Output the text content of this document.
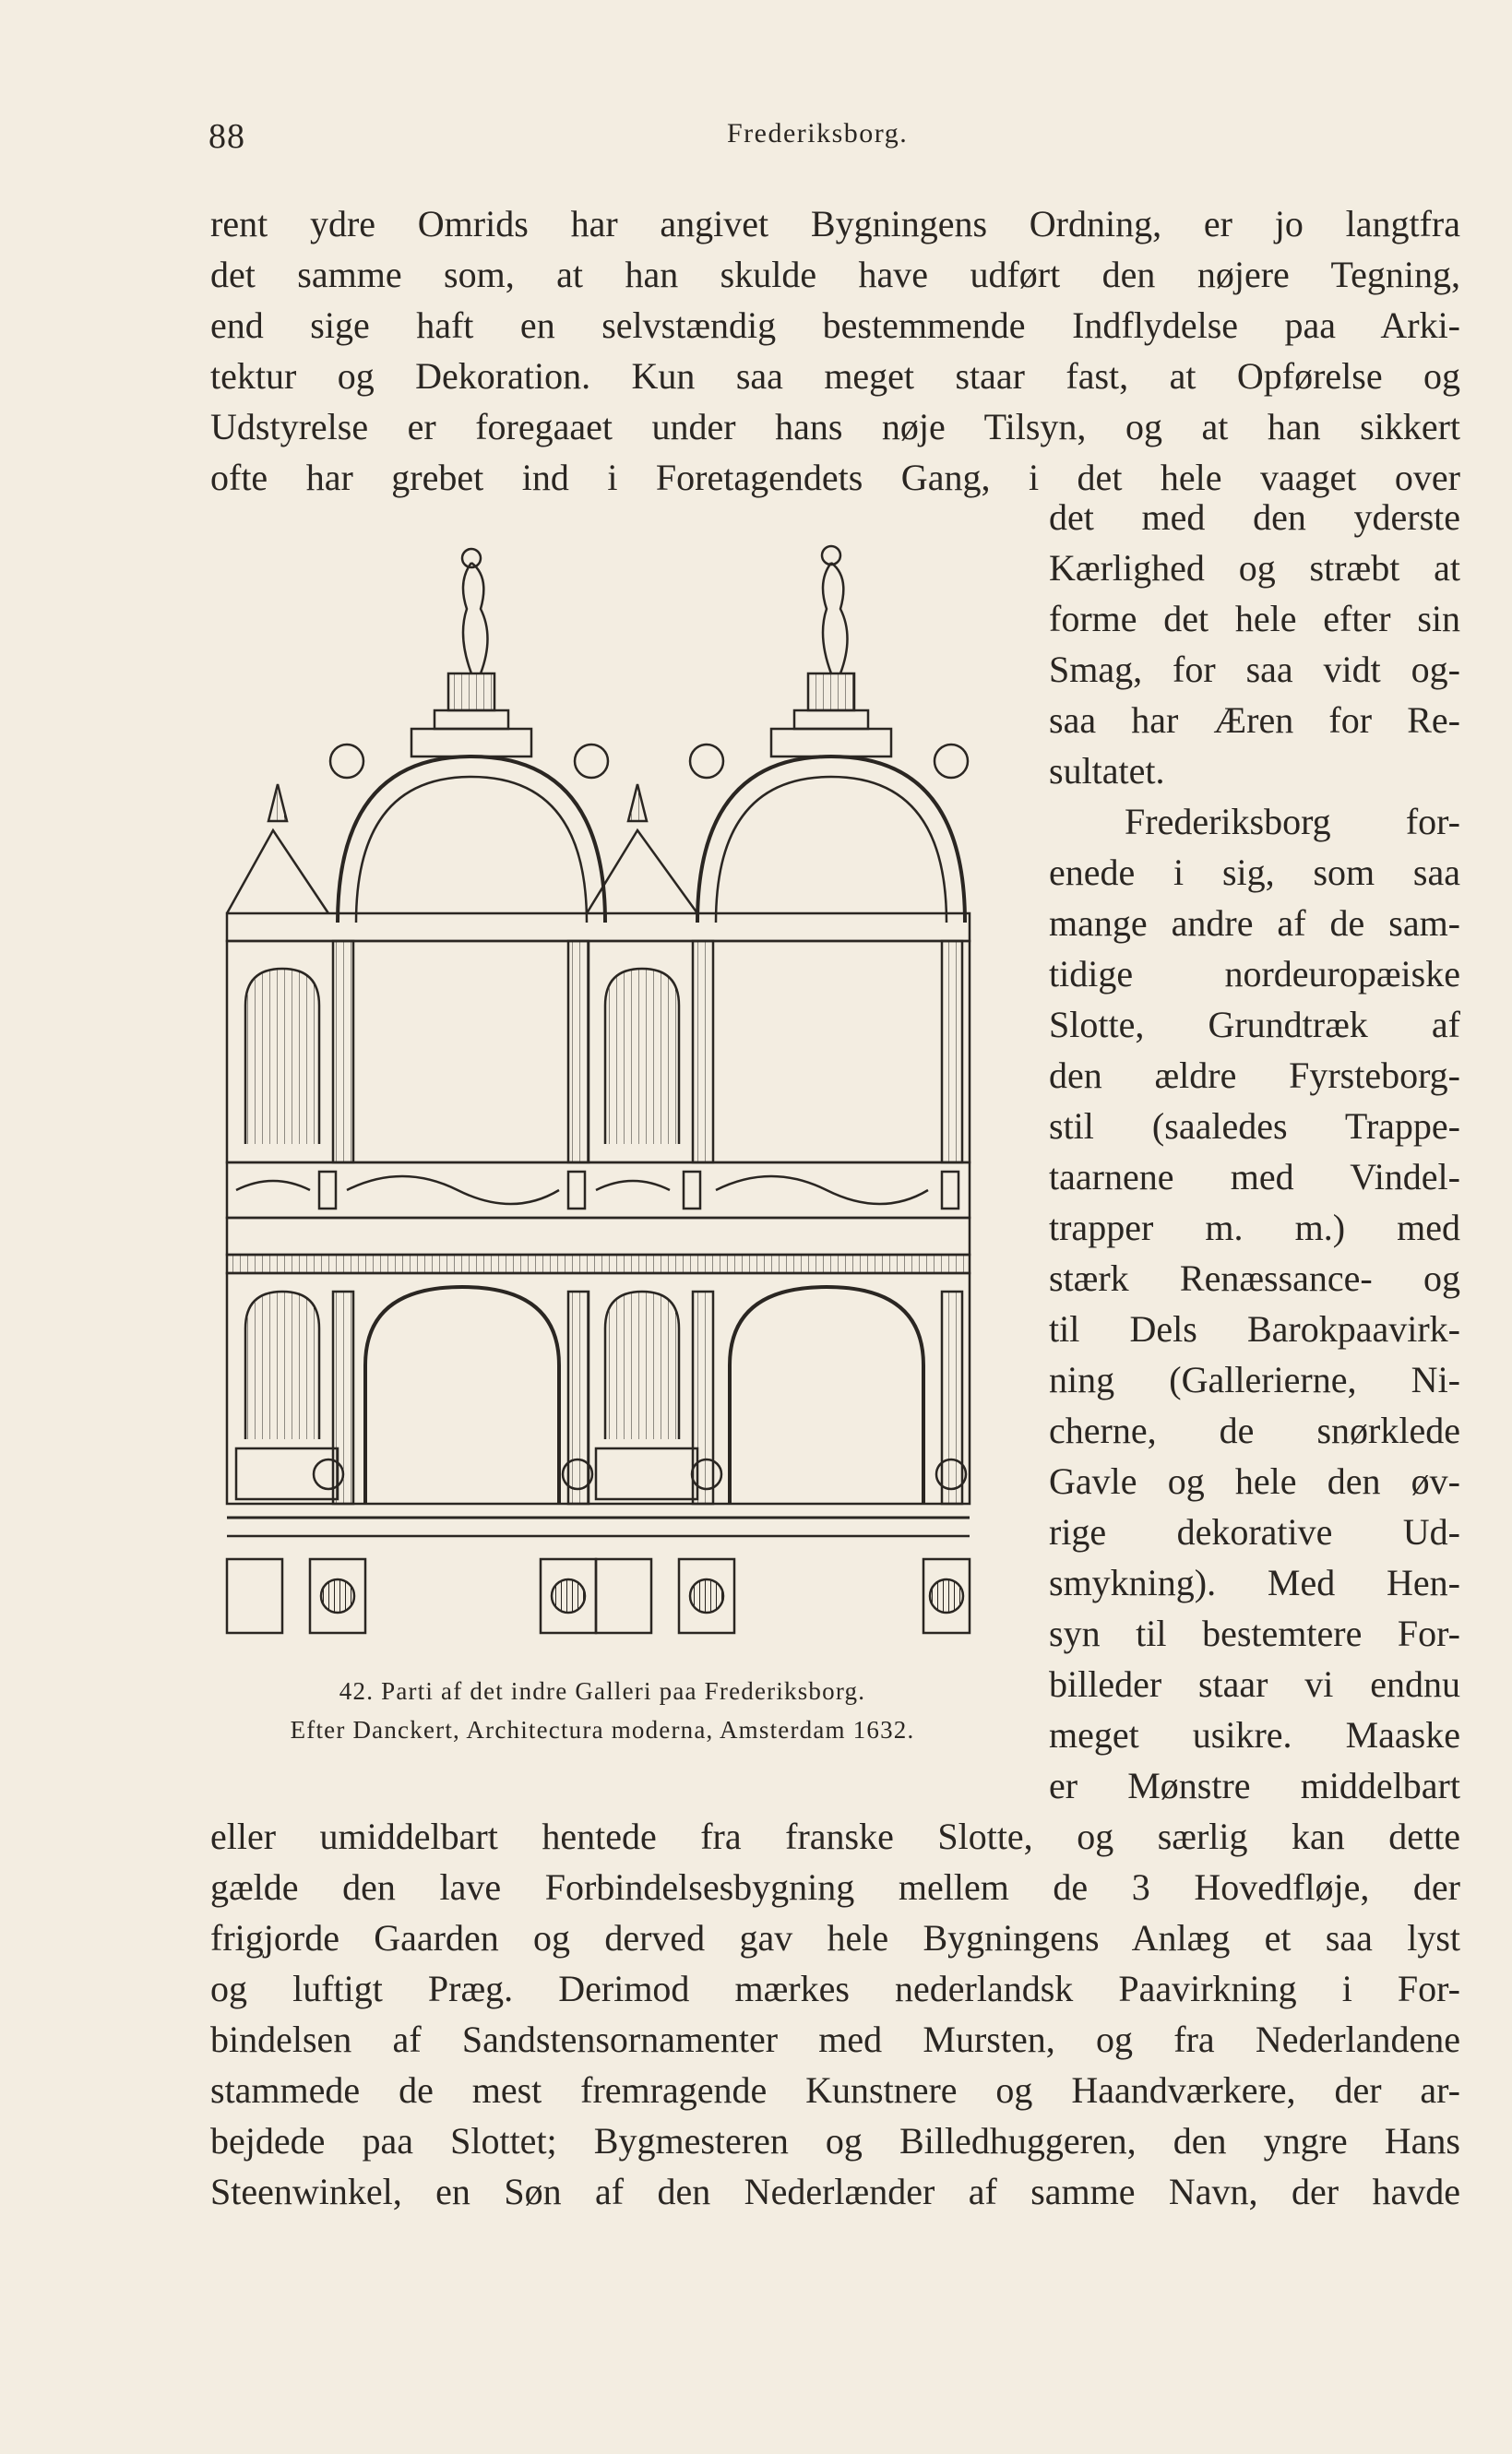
88	Frederiksborg.
rent ydre Omrids har angivet Bygningens Ordning, er jo langtfra
det samme som, at han skulde have udført den nøjere Tegning,
end sige haft en selvstændig bestemmende Indflydelse paa Arki-
tektur og Dekoration. Kun saa meget staar fast, at Opførelse og
Udstyrelse er foregaaet under hans nøje Tilsyn, og at han sikkert
ofte har grebet ind i Foretagendets Gang, i det hele vaaget over
det med den yderste
Kærlighed og stræbt at
forme det hele efter sin
Smag, for saa vidt og-
saa har Æren for Re-
sultatet.
Frederiksborg for-
enede i sig, som saa
mange andre af de sam-
tidige nordeuropæiske
Slotte, Grundtræk af
den ældre Fyrsteborg-
stil (saaledes Trappe-
taarnene med Vindel-
trapper m. m.) med
stærk Renæssance- og
til Dels Barokpaavirk-
ning (Gallerierne, Ni-
cherne, de snørklede
Gavle og hele den øv-
rige dekorative Ud-
smykning). Med Hen-
syn til bestemtere For-
billeder staar vi endnu
meget usikre. Maaske
er Mønstre middelbart
42. Parti af det indre Galleri paa Frederiksborg.
Efter Danckert, Architectura moderna, Amsterdam 1632.
eller umiddelbart hentede fra franske Slotte, og særlig kan dette
gælde den lave Forbindelsesbygning mellem de 3 Hovedfløje, der
frigjorde Gaarden og derved gav hele Bygningens Anlæg et saa lyst
og luftigt Præg. Derimod mærkes nederlandsk Paavirkning i For-
bindelsen af Sandstensornamenter med Mursten, og fra Nederlandene
stammede de mest fremragende Kunstnere og Haandværkere, der ar-
bejdede paa Slottet; Bygmesteren og Billedhuggeren, den yngre Hans
Steenwinkel, en Søn af den Nederlænder af samme Navn, der havde
